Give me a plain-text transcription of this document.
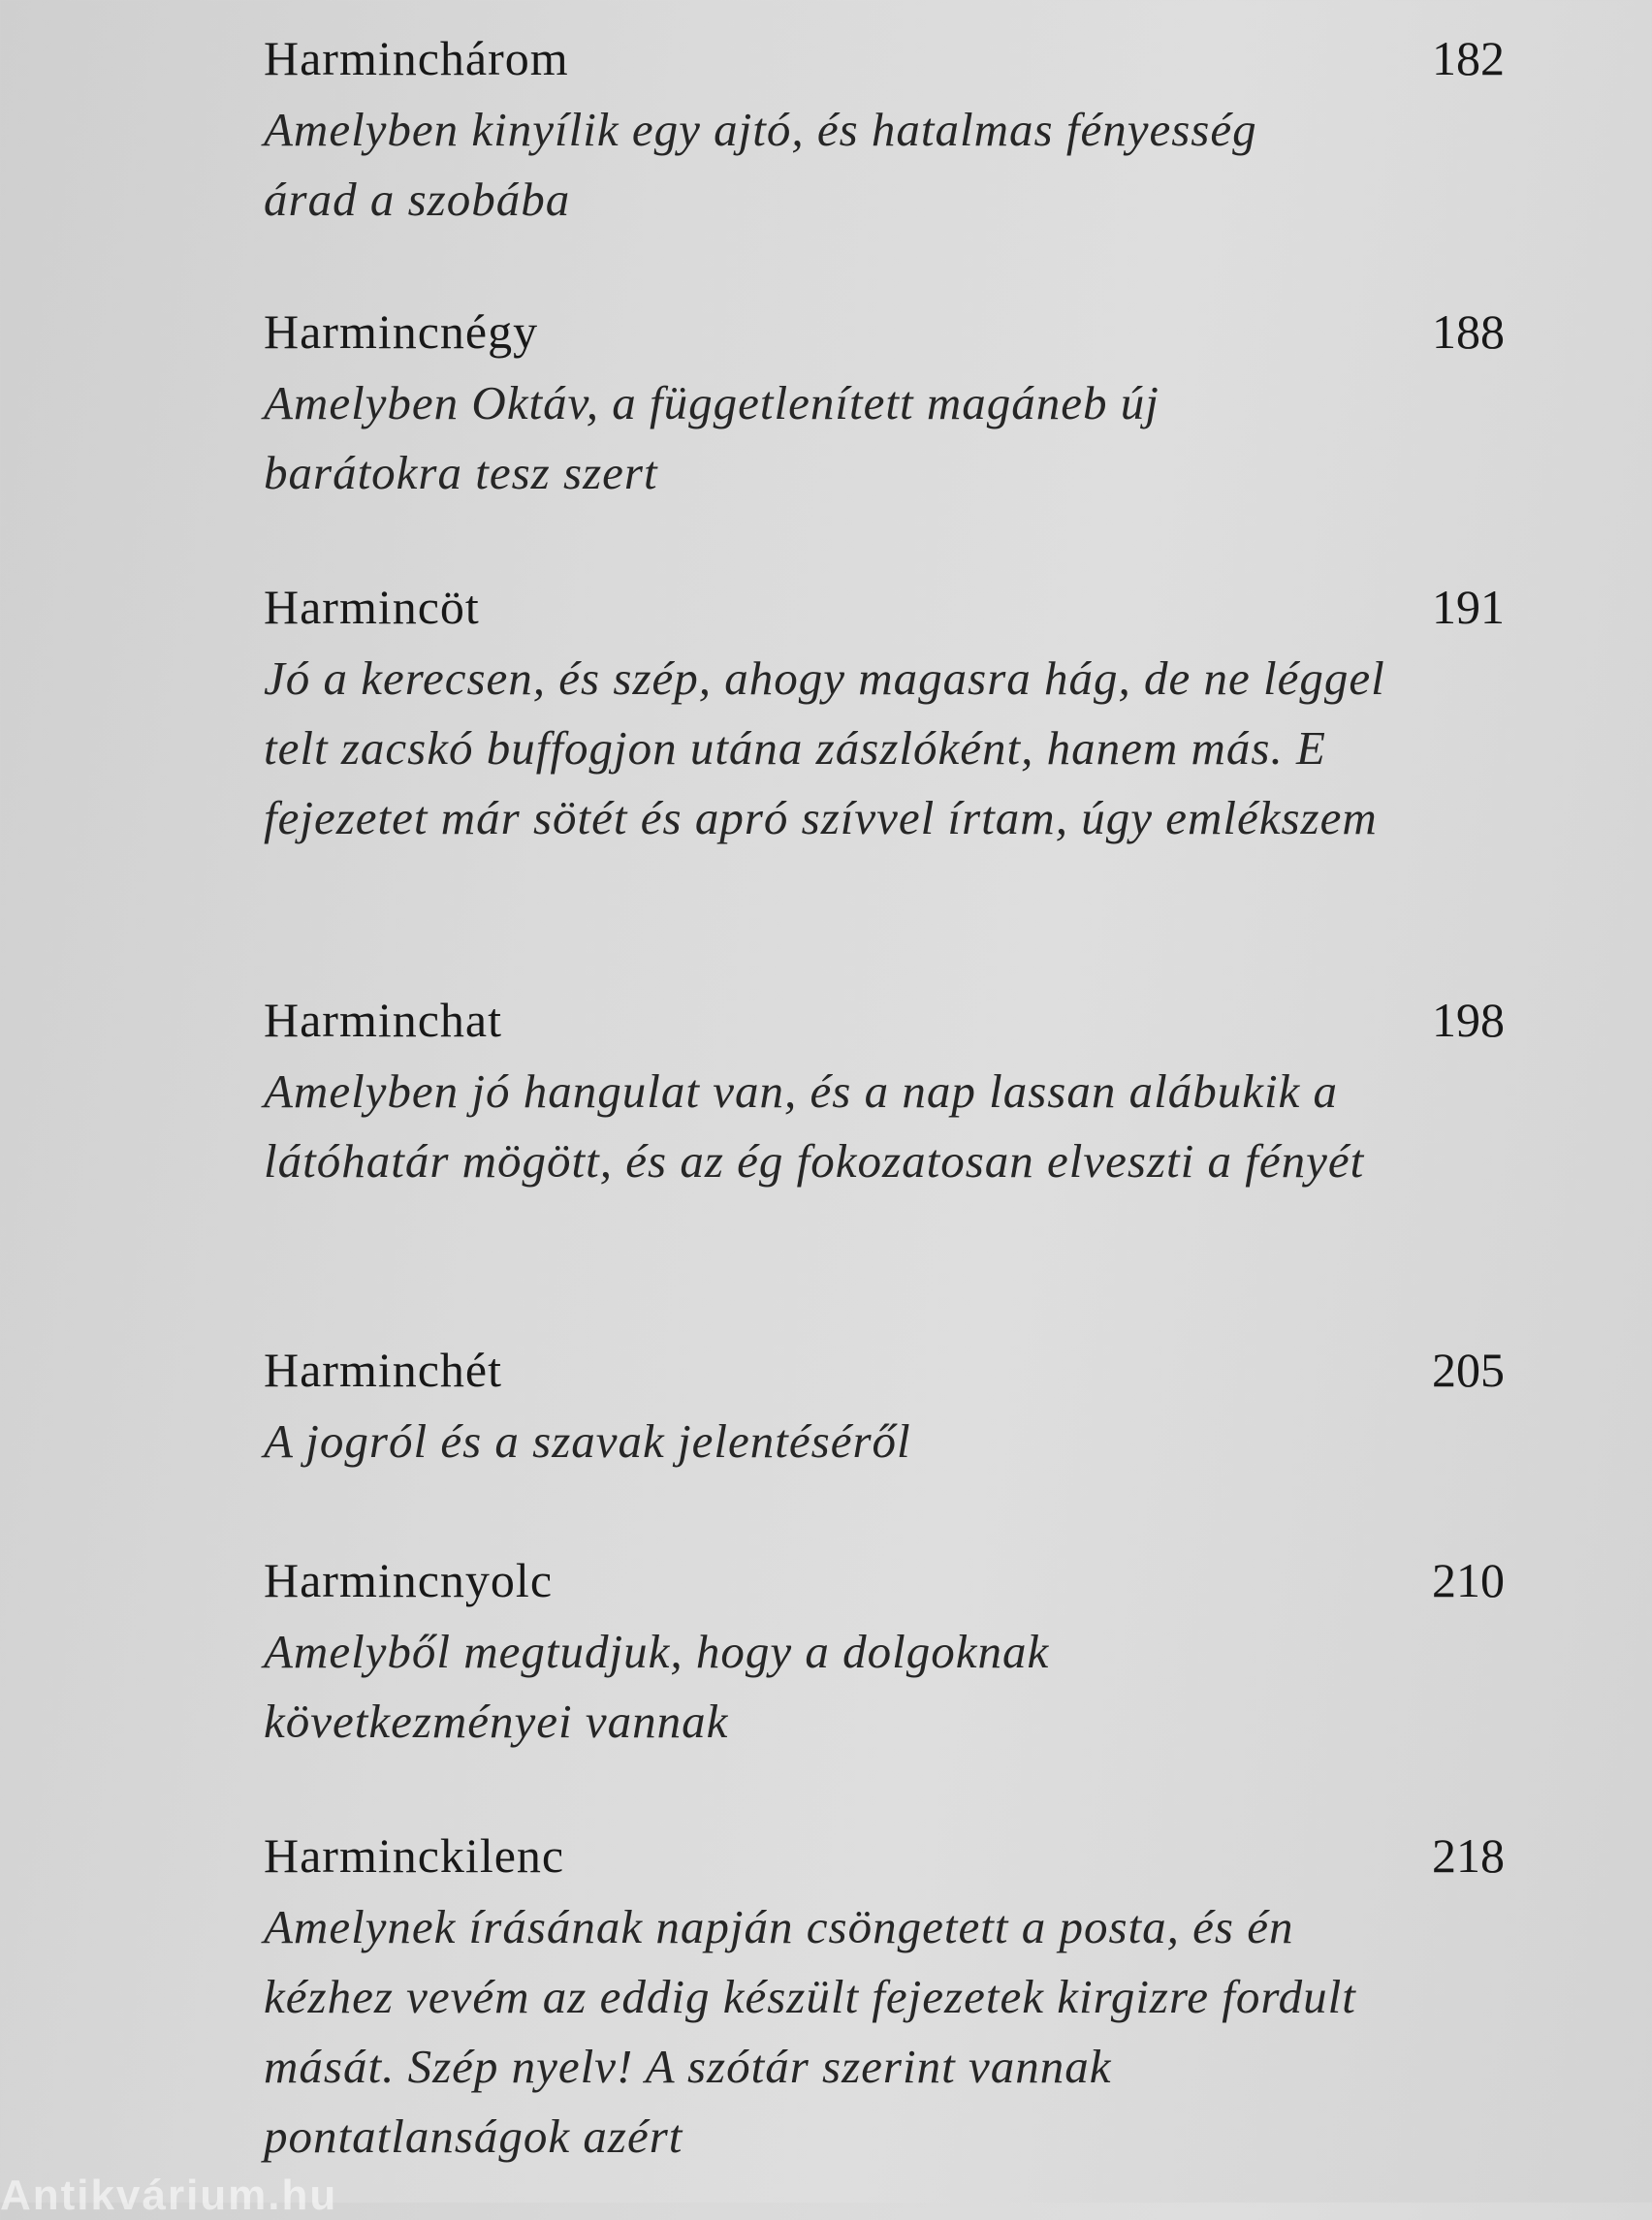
Harminchárom	182

Amelyben kinyílik egy ajtó, és hatalmas fényesség árad a szobába

Harmincnégy	188

Amelyben Oktáv, a függetlenített magáneb új barátokra tesz szert

Harmincöt	191

Jó a kerecsen, és szép, ahogy magasra hág, de ne léggel telt zacskó buffogjon utána zászlóként, hanem más. E fejezetet már sötét és apró szívvel írtam, úgy emlékszem

Harminchat	198

Amelyben jó hangulat van, és a nap lassan alábukik a látóhatár mögött, és az ég fokozatosan elveszti a fényét

Harminchét	205

A jogról és a szavak jelentéséről

Harmincnyolc	210

Amelyből megtudjuk, hogy a dolgoknak következményei vannak

Harminckilenc	218

Amelynek írásának napján csöngetett a posta, és én kézhez vevém az eddig készült fejezetek kirgizre fordult mását. Szép nyelv! A szótár szerint vannak pontatlanságok azért

Antikvárium.hu
